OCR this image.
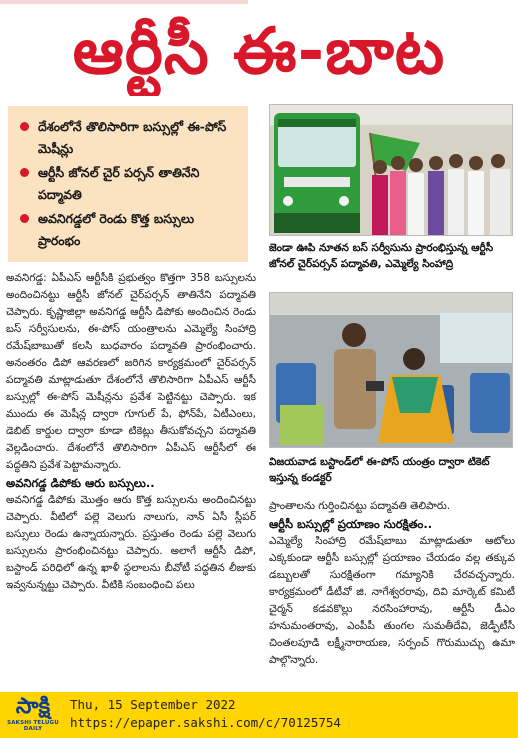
ఆర్టీసీ ఈ-బాట
దేశంలోనే తొలిసారిగా బస్సుల్లో ఈ-పోస్ మెషీన్లు
ఆర్టీసీ జోనల్ చైర్ పర్సన్ తాతినేని పద్మావతి
అవనిగడ్డలో రెండు కొత్త బస్సులు ప్రారంభం	జెండా ఊపి నూతన బస్ సర్వీసును ప్రారంభిస్తున్న ఆర్టీసీ జోనల్ చైర్‌పర్సన్ పద్మావతి, ఎమ్మెల్యే సింహాద్రి
విజయవాడ బస్టాండ్‌లో ఈ-పోస్ యంత్రం ద్వారా టికెట్ ఇస్తున్న కండక్టర్

అవనిగడ్డ: ఏపీఎస్ ఆర్టీసీకి ప్రభుత్వం కొత్తగా 358 బస్సులను అందించినట్టు ఆర్టీసీ జోనల్ చైర్‌పర్సన్ తాతినేని పద్మావతి చెప్పారు. కృష్ణాజిల్లా అవనిగడ్డ ఆర్టీసీ డిపోకు అందించిన రెండు బస్ సర్వీసులను, ఈ-పోస్ యంత్రాలను ఎమ్మెల్యే సింహాద్రి రమేష్‌బాబుతో కలసి బుధవారం పద్మావతి ప్రారంభించారు. అనంతరం డిపో ఆవరణలో జరిగిన కార్యక్రమంలో చైర్‌పర్సన్ పద్మావతి మాట్లాడుతూ దేశంలోనే తొలిసారిగా ఏపీఎస్ ఆర్టీసీ బస్సుల్లో ఈ-పోస్ మెషీన్లను ప్రవేశ పెట్టినట్టు చెప్పారు. ఇక ముందు ఈ మెషీన్ల ద్వారా గూగుల్ పే, ఫోన్‌పే, ఏటీఎంలు, డెబిట్ కార్డుల ద్వారా కూడా టికెట్లు తీసుకోవచ్చని పద్మావతి వెల్లడించారు. దేశంలోనే తొలిసారిగా ఏపీఎస్ ఆర్టీసీలో ఈ పద్ధతిని ప్రవేశ పెట్టామన్నారు.

అవనిగడ్డ డిపోకు ఆరు బస్సులు..

అవనిగడ్డ డిపోకు మొత్తం ఆరు కొత్త బస్సులను అందించినట్టు చెప్పారు. వీటిలో పల్లె వెలుగు నాలుగు, నాన్ ఏసీ స్లీపర్ బస్సులు రెండు ఉన్నాయన్నారు. ప్రస్తుతం రెండు పల్లె వెలుగు బస్సులను ప్రారంభించినట్టు చెప్పారు. అలాగే ఆర్టీసీ డిపో, బస్టాండ్ పరిధిలో ఉన్న ఖాళీ స్థలాలను బీవోటీ పద్ధతిన లీజుకు ఇవ్వనున్నట్టు చెప్పారు. వీటికి సంబంధించి పలు

ప్రాంతాలను గుర్తించినట్టు పద్మావతి తెలిపారు.

ఆర్టీసీ బస్సుల్లో ప్రయాణం సురక్షితం..

ఎమ్మెల్యే సింహాద్రి రమేష్‌బాబు మాట్లాడుతూ ఆటోలు ఎక్కకుండా ఆర్టీసీ బస్సుల్లో ప్రయాణం చేయడం వల్ల తక్కువ డబ్బులతో సురక్షితంగా గమ్యానికి చేరవచ్చన్నారు. కార్యక్రమంలో డీటీవో జి. నాగేశ్వరరావు, దివి మార్కెట్ కమిటీ చైర్మన్ కడవకొల్లు నరసింహారావు, ఆర్టీసీ డీఎం హనుమంతరావు, ఎంపీపీ తుంగల సుమతీదేవి, జెడ్పీటీసీ చింతలపూడి లక్ష్మీనారాయణ, సర్పంచ్ గొరుముచ్చు ఉమా పాల్గొన్నారు.

సాక్షి
SAKSHI TELUGU DAILY
Thu, 15 September 2022
https://epaper.sakshi.com/c/70125754
